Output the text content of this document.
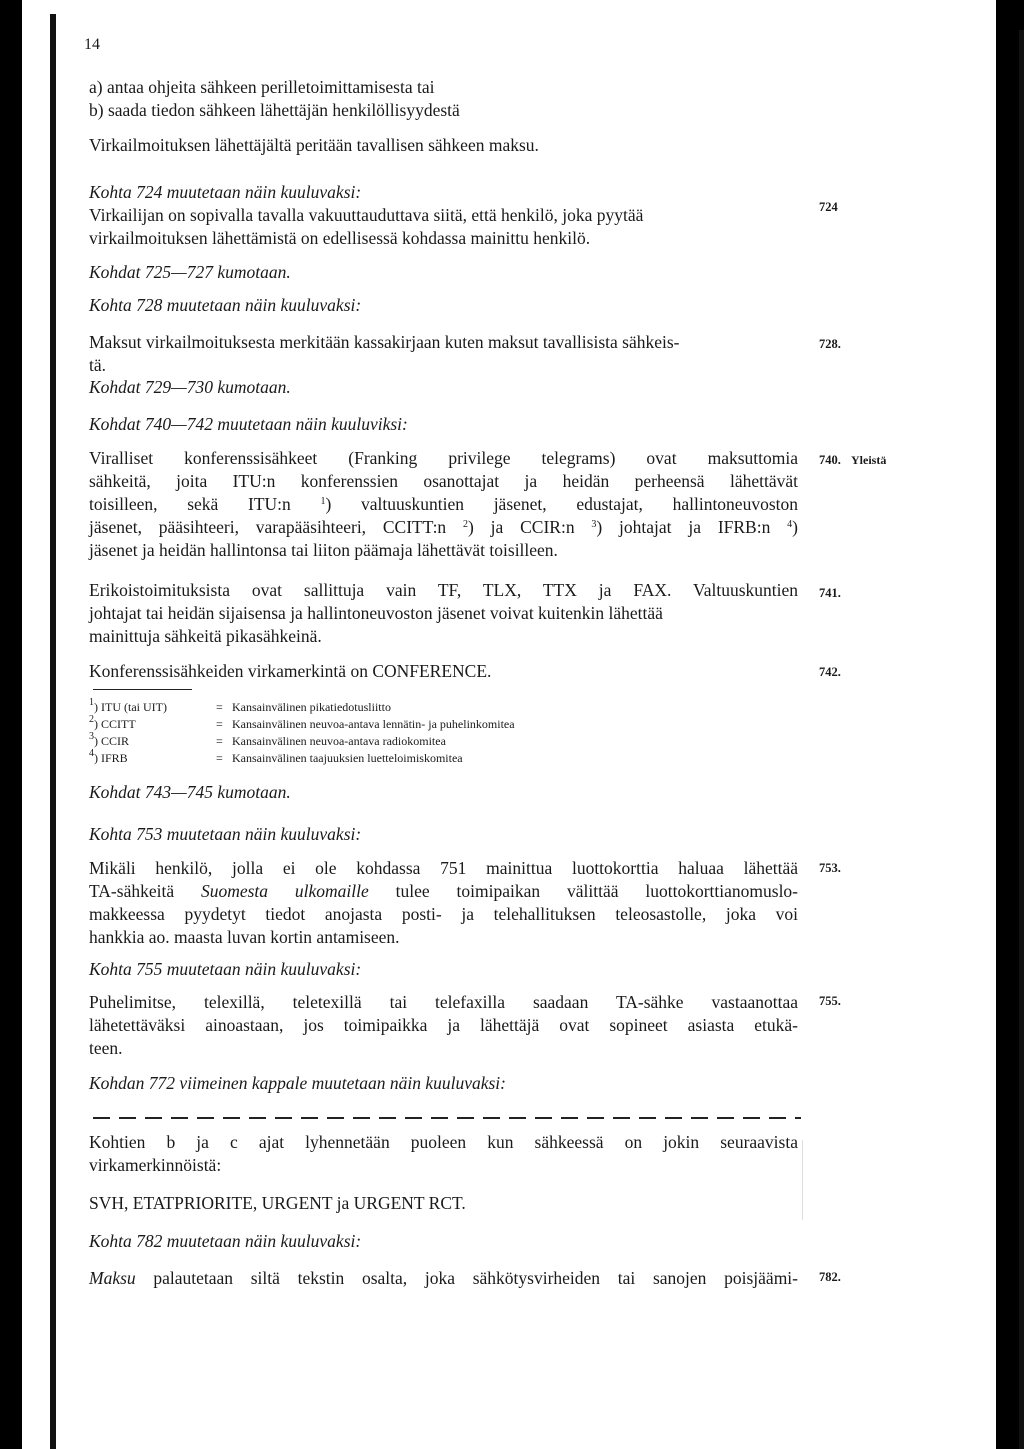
14
a) antaa ohjeita sähkeen perilletoimittamisesta tai
b) saada tiedon sähkeen lähettäjän henkilöllisyydestä
Virkailmoituksen lähettäjältä peritään tavallisen sähkeen maksu.
Kohta 724 muutetaan näin kuuluvaksi:
Virkailijan on sopivalla tavalla vakuuttauduttava siitä, että henkilö, joka pyytää
virkailmoituksen lähettämistä on edellisessä kohdassa mainittu henkilö.
Kohdat 725—727 kumotaan.
Kohta 728 muutetaan näin kuuluvaksi:
Maksut virkailmoituksesta merkitään kassakirjaan kuten maksut tavallisista sähkeis-
tä.
Kohdat 729—730 kumotaan.
Kohdat 740—742 muutetaan näin kuuluviksi:
Viralliset konferenssisähkeet (Franking privilege telegrams) ovat maksuttomia
sähkeitä, joita ITU:n konferenssien osanottajat ja heidän perheensä lähettävät
toisilleen, sekä ITU:n $^1$) valtuuskuntien jäsenet, edustajat, hallintoneuvoston
jäsenet, pääsihteeri, varapääsihteeri, CCITT:n $^2$) ja CCIR:n $^3$) johtajat ja IFRB:n $^4$)
jäsenet ja heidän hallintonsa tai liiton päämaja lähettävät toisilleen.
Erikoistoimituksista ovat sallittuja vain TF, TLX, TTX ja FAX. Valtuuskuntien
johtajat tai heidän sijaisensa ja hallintoneuvoston jäsenet voivat kuitenkin lähettää
mainittuja sähkeitä pikasähkeinä.
Konferenssisähkeiden virkamerkintä on CONFERENCE.
$^1$) ITU (tai UIT)	= Kansainvälinen pikatiedotusliitto
$^2$) CCITT	= Kansainvälinen neuvoa-antava lennätin- ja puhelinkomitea
$^3$) CCIR	= Kansainvälinen neuvoa-antava radiokomitea
$^4$) IFRB	= Kansainvälinen taajuuksien luetteloimiskomitea
Kohdat 743—745 kumotaan.
Kohta 753 muutetaan näin kuuluvaksi:
Mikäli henkilö, jolla ei ole kohdassa 751 mainittua luottokorttia haluaa lähettää
TA-sähkeitä Suomesta ulkomaille tulee toimipaikan välittää luottokorttianomuslo-
makkeessa pyydetyt tiedot anojasta posti- ja telehallituksen teleosastolle, joka voi
hankkia ao. maasta luvan kortin antamiseen.
Kohta 755 muutetaan näin kuuluvaksi:
Puhelimitse, telexillä, teletexillä tai telefaxilla saadaan TA-sähke vastaanottaa
lähetettäväksi ainoastaan, jos toimipaikka ja lähettäjä ovat sopineet asiasta etukä-
teen.
Kohdan 772 viimeinen kappale muutetaan näin kuuluvaksi:
Kohtien b ja c ajat lyhennetään puoleen kun sähkeessä on jokin seuraavista
virkamerkinnöistä:
SVH, ETATPRIORITE, URGENT ja URGENT RCT.
Kohta 782 muutetaan näin kuuluvaksi:
Maksu palautetaan siltä tekstin osalta, joka sähkötysvirheiden tai sanojen poisjäämi-
724
728.
740. Yleistä
741.
742.
753.
755.
782.
